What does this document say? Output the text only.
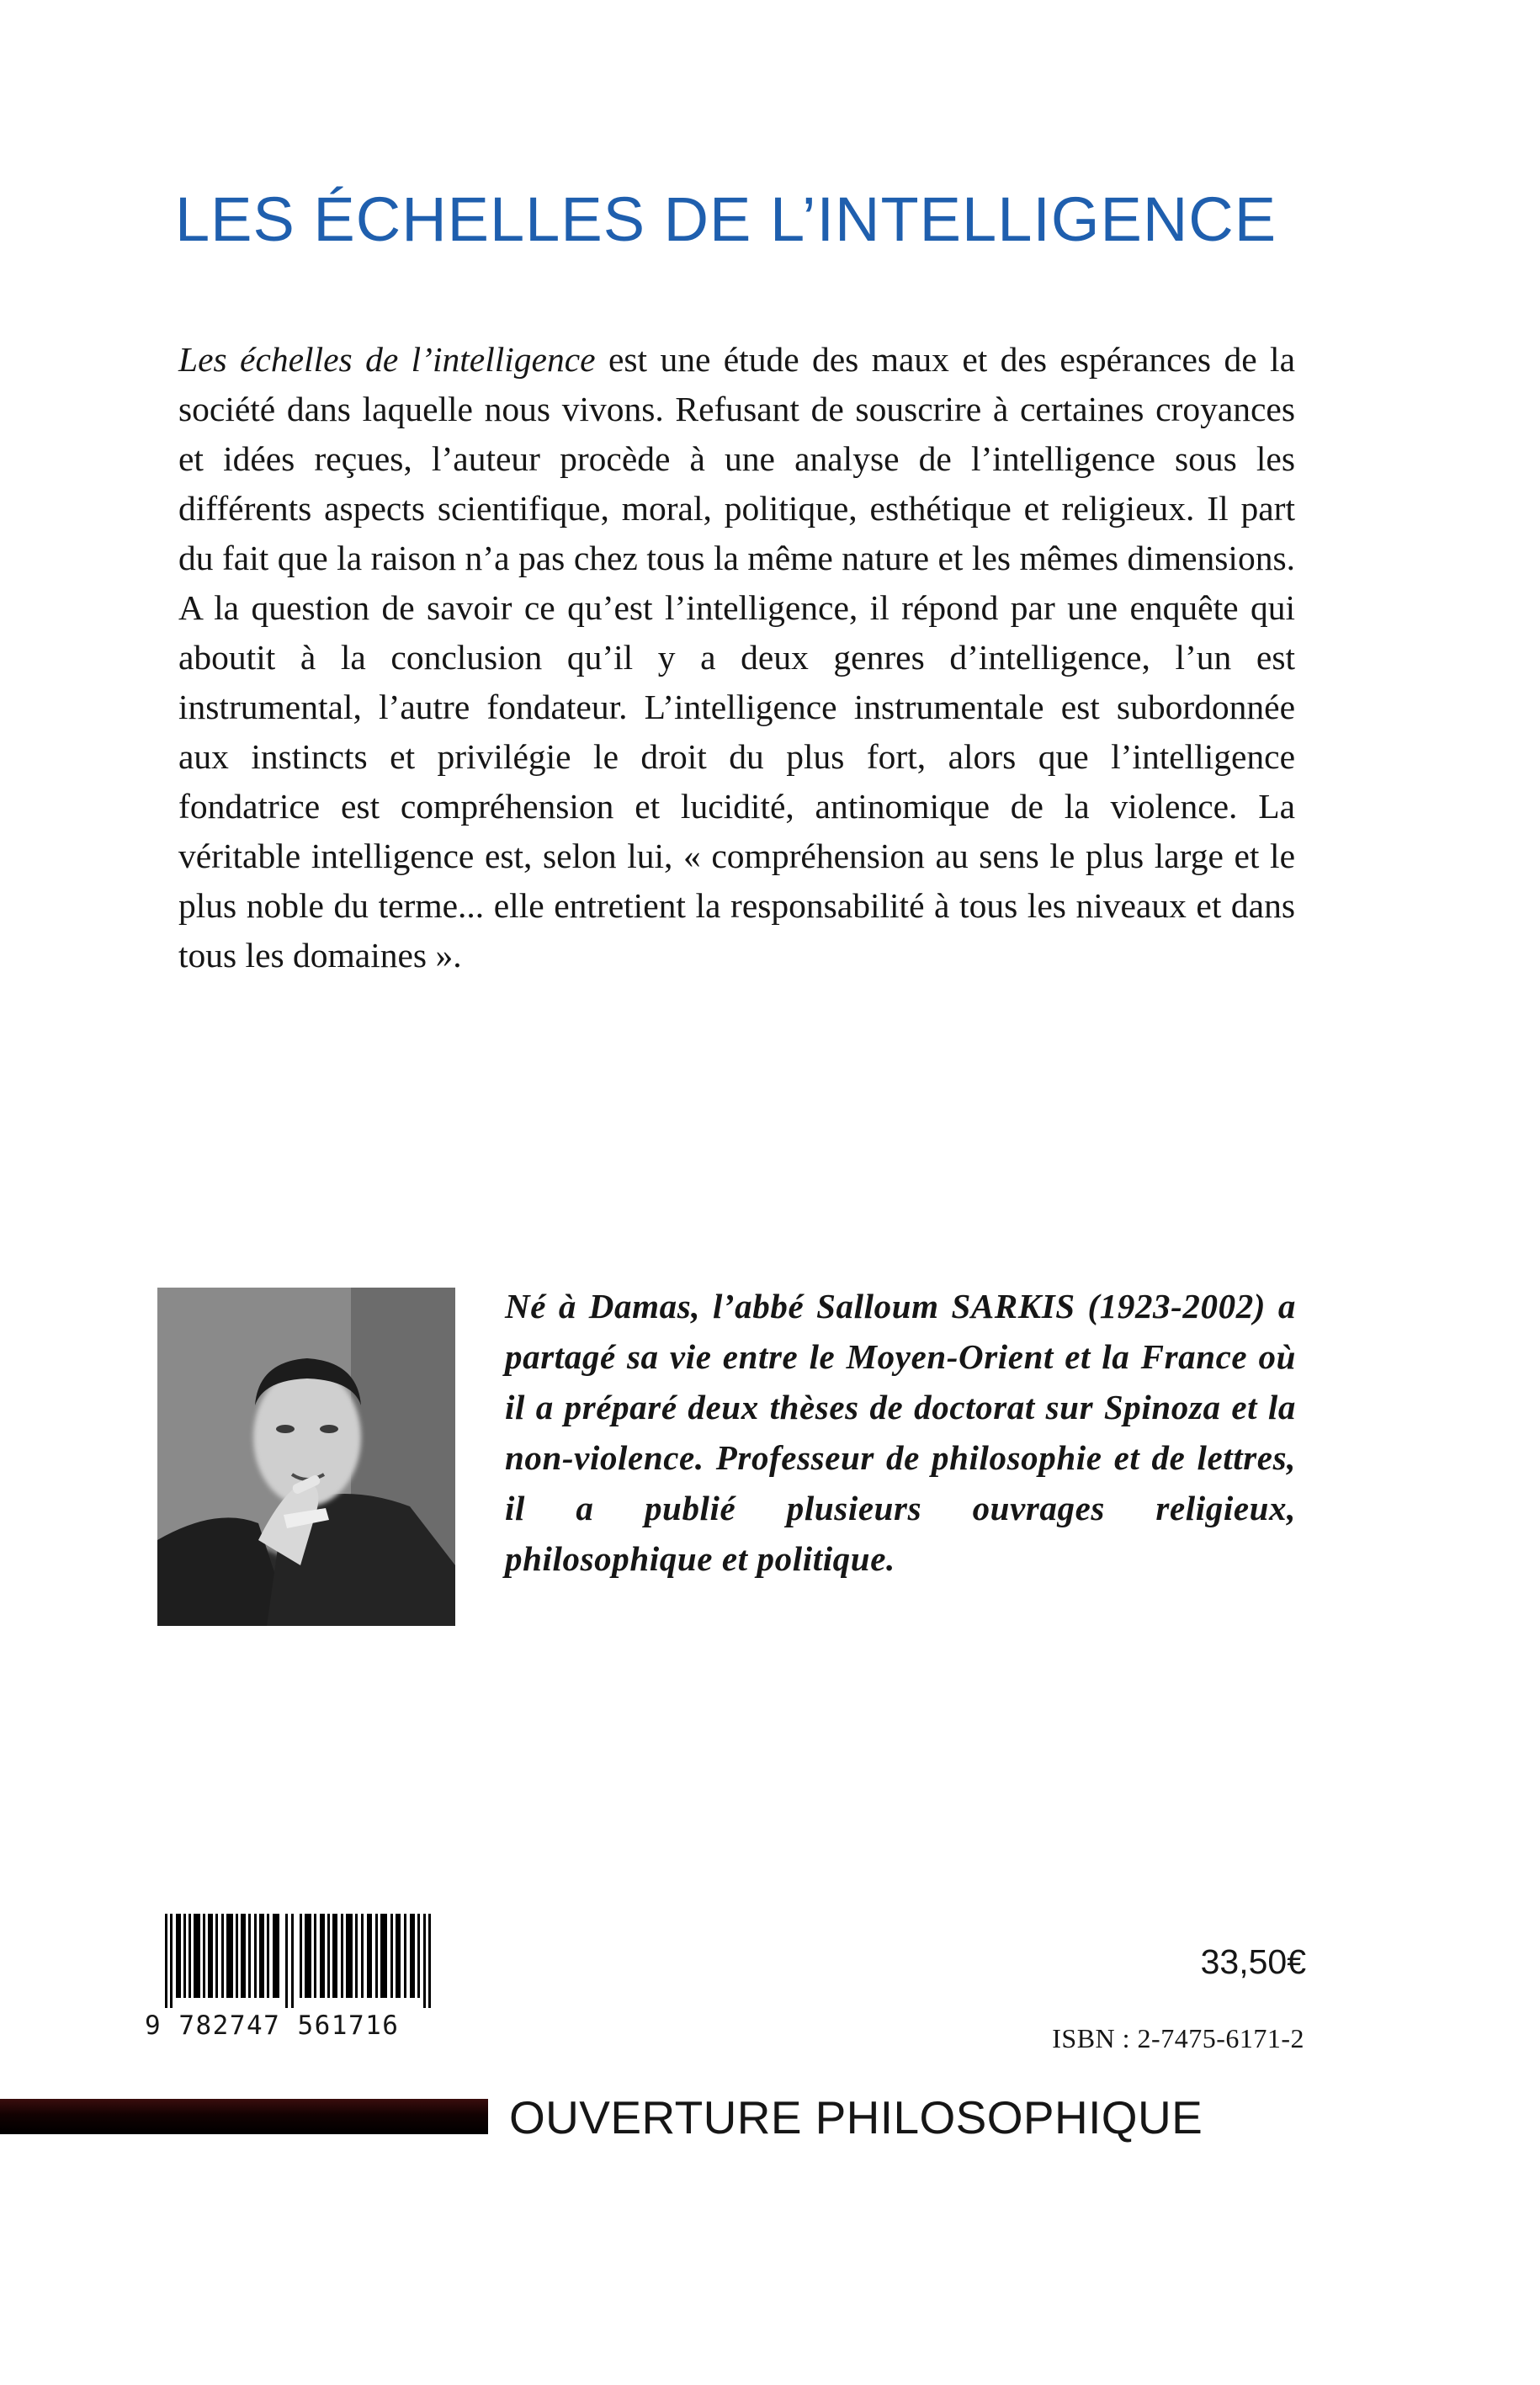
LES ÉCHELLES DE L’INTELLIGENCE

Les échelles de l’intelligence est une étude des maux et des espérances de la société dans laquelle nous vivons. Refusant de souscrire à certaines croyances et idées reçues, l’auteur procède à une analyse de l’intelligence sous les différents aspects scientifique, moral, politique, esthétique et religieux. Il part du fait que la raison n’a pas chez tous la même nature et les mêmes dimensions. A la question de savoir ce qu’est l’intelligence, il répond par une enquête qui aboutit à la conclusion qu’il y a deux genres d’intelligence, l’un est instrumental, l’autre fondateur. L’intelligence instrumentale est subordonnée aux instincts et privilégie le droit du plus fort, alors que l’intelligence fondatrice est compréhension et lucidité, antinomique de la violence. La véritable intelligence est, selon lui, « compréhension au sens le plus large et le plus noble du terme... elle entretient la responsabilité à tous les niveaux et dans tous les domaines ».

Né à Damas, l’abbé Salloum SARKIS (1923-2002) a partagé sa vie entre le Moyen-Orient et la France où il a préparé deux thèses de doctorat sur Spinoza et la non-violence. Professeur de philosophie et de lettres, il a publié plusieurs ouvrages religieux, philosophique et politique.

9 782747 561716
33,50€
ISBN : 2-7475-6171-2
OUVERTURE PHILOSOPHIQUE
